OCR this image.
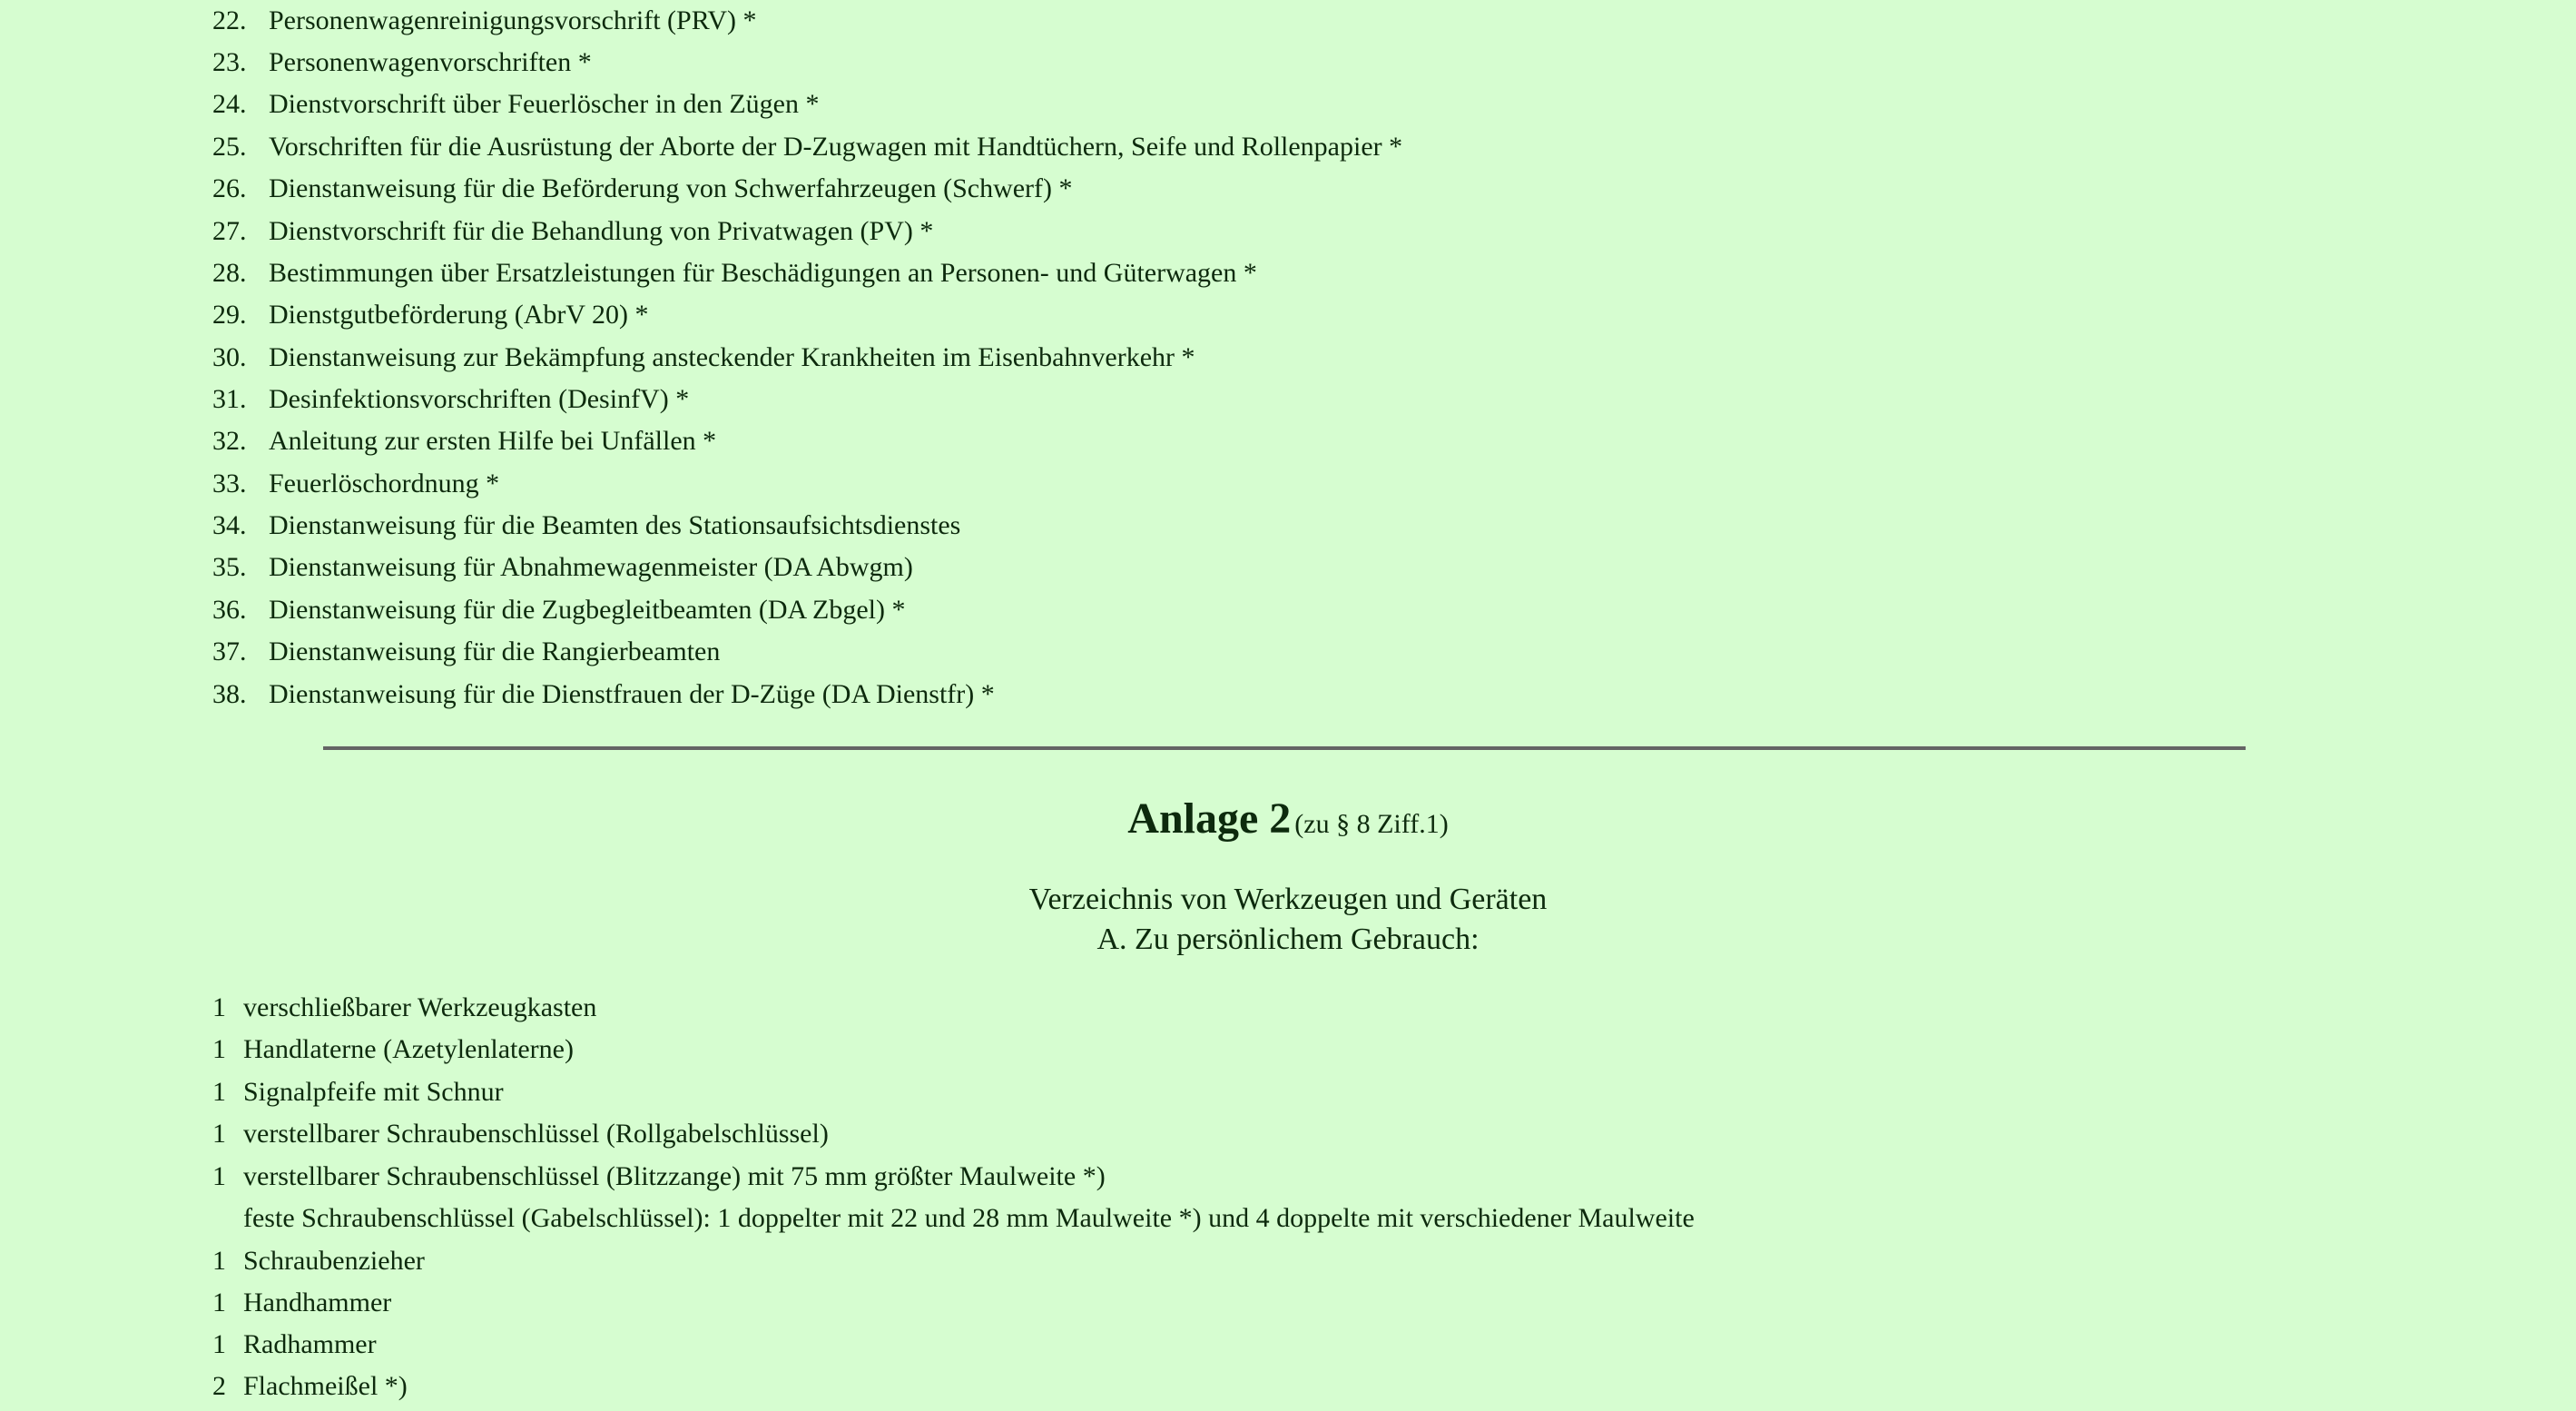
22. Personenwagenreinigungsvorschrift (PRV) *
23. Personenwagenvorschriften *
24. Dienstvorschrift über Feuerlöscher in den Zügen *
25. Vorschriften für die Ausrüstung der Aborte der D-Zugwagen mit Handtüchern, Seife und Rollenpapier *
26. Dienstanweisung für die Beförderung von Schwerfahrzeugen (Schwerf) *
27. Dienstvorschrift für die Behandlung von Privatwagen (PV) *
28. Bestimmungen über Ersatzleistungen für Beschädigungen an Personen- und Güterwagen *
29. Dienstgutbeförderung (AbrV 20) *
30. Dienstanweisung zur Bekämpfung ansteckender Krankheiten im Eisenbahnverkehr *
31. Desinfektionsvorschriften (DesinfV) *
32. Anleitung zur ersten Hilfe bei Unfällen *
33. Feuerlöschordnung *
34. Dienstanweisung für die Beamten des Stationsaufsichtsdienstes
35. Dienstanweisung für Abnahmewagenmeister (DA Abwgm)
36. Dienstanweisung für die Zugbegleitbeamten (DA Zbgel) *
37. Dienstanweisung für die Rangierbeamten
38. Dienstanweisung für die Dienstfrauen der D-Züge (DA Dienstfr) *
Anlage 2 (zu § 8 Ziff.1)
Verzeichnis von Werkzeugen und Geräten
A. Zu persönlichem Gebrauch:
1 verschließbarer Werkzeugkasten
1 Handlaterne (Azetylenlaterne)
1 Signalpfeife mit Schnur
1 verstellbarer Schraubenschlüssel (Rollgabelschlüssel)
1 verstellbarer Schraubenschlüssel (Blitzzange) mit 75 mm größter Maulweite *)
feste Schraubenschlüssel (Gabelschlüssel): 1 doppelter mit 22 und 28 mm Maulweite *) und 4 doppelte mit verschiedener Maulweite
1 Schraubenzieher
1 Handhammer
1 Radhammer
2 Flachmeißel *)
